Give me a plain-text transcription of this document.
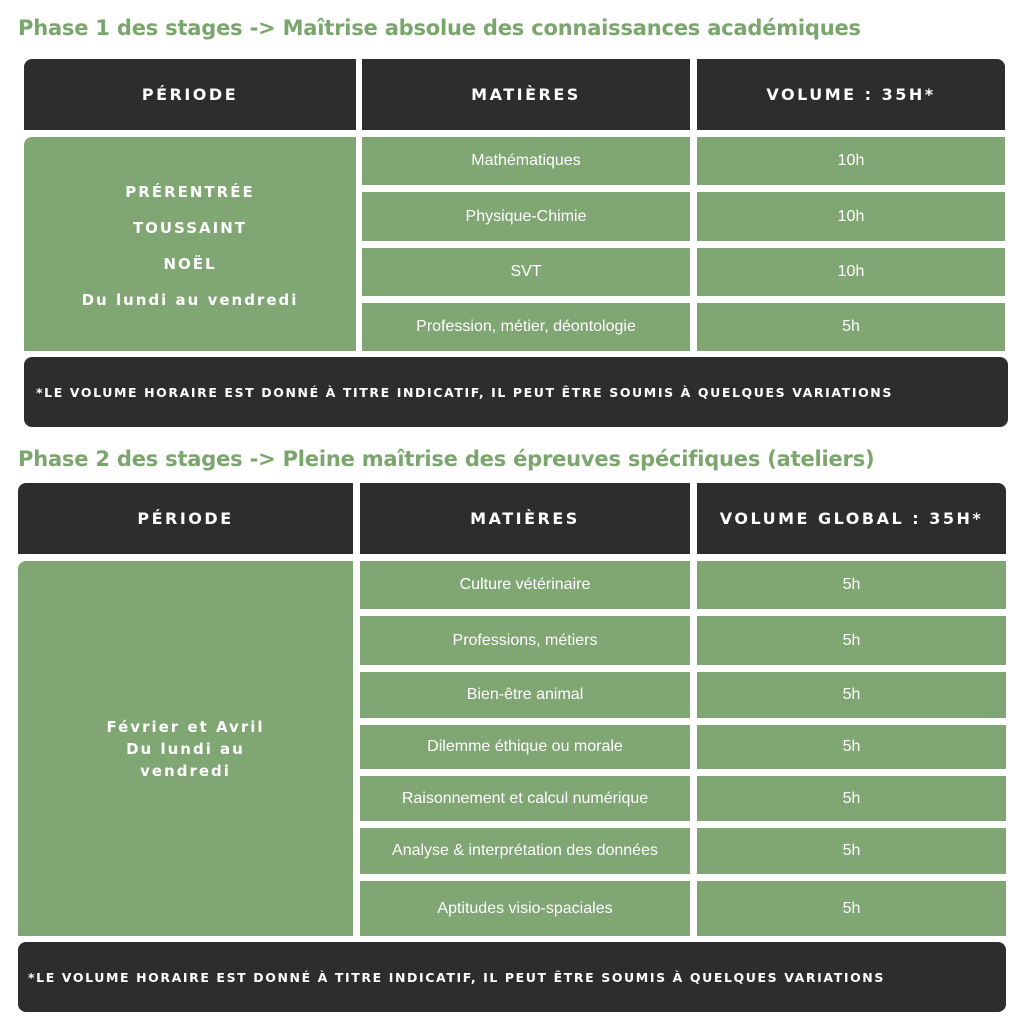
Phase 1 des stages -> Maîtrise absolue des connaissances académiques
PÉRIODE	MATIÈRES	VOLUME : 35H*
PRÉRENTRÉE
TOUSSAINT
NOËL
Du lundi au vendredi
Mathématiques	10h
Physique-Chimie	10h
SVT	10h
Profession, métier, déontologie	5h
*LE VOLUME HORAIRE EST DONNÉ À TITRE INDICATIF, IL PEUT ÊTRE SOUMIS À QUELQUES VARIATIONS
Phase 2 des stages -> Pleine maîtrise des épreuves spécifiques (ateliers)
PÉRIODE	MATIÈRES	VOLUME GLOBAL : 35H*
Février et Avril
Du lundi au
vendredi
Culture vétérinaire	5h
Professions, métiers	5h
Bien-être animal	5h
Dilemme éthique ou morale	5h
Raisonnement et calcul numérique	5h
Analyse & interprétation des données	5h
Aptitudes visio-spaciales	5h
*LE VOLUME HORAIRE EST DONNÉ À TITRE INDICATIF, IL PEUT ÊTRE SOUMIS À QUELQUES VARIATIONS
